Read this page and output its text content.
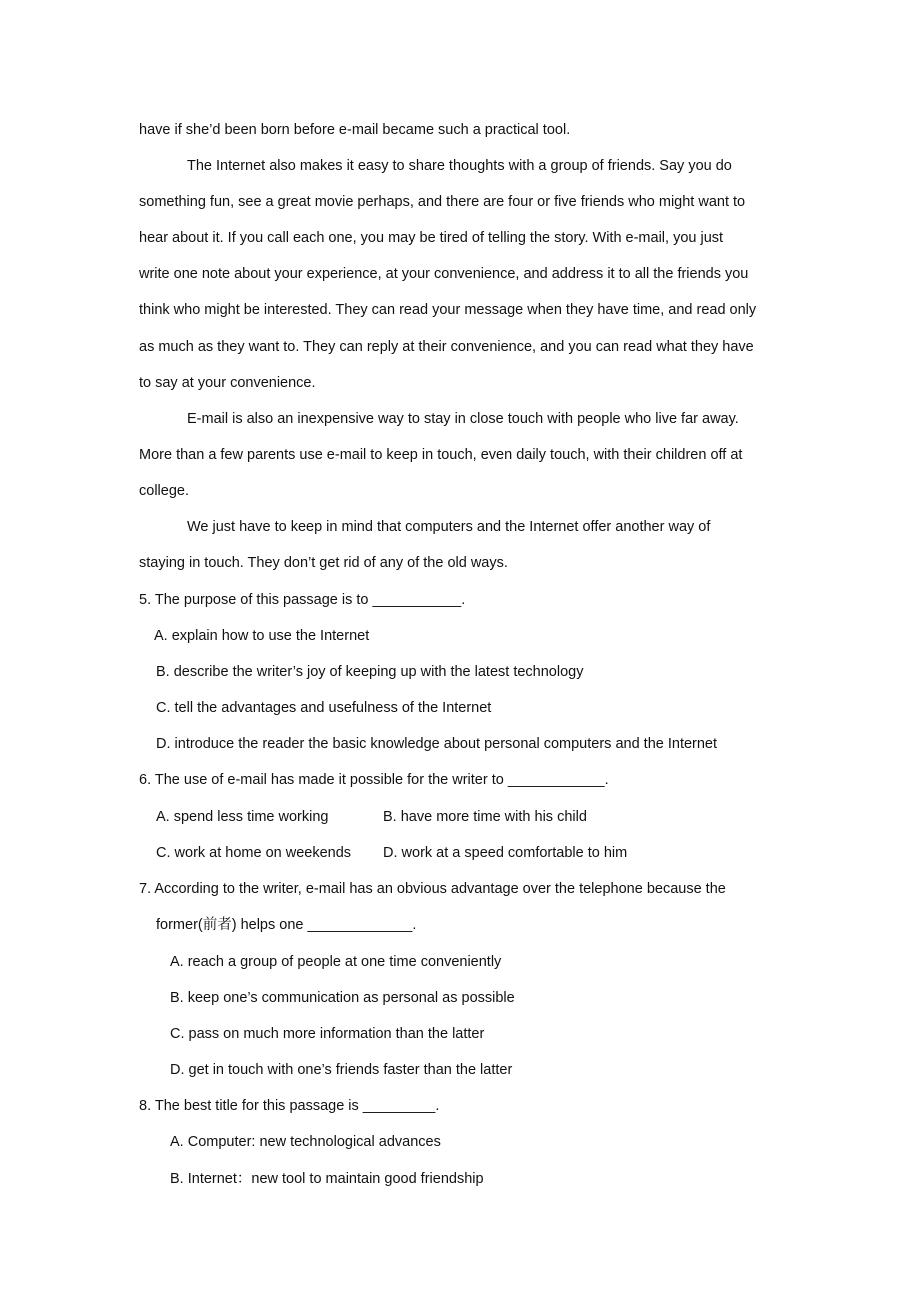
have if she’d been born before e-mail became such a practical tool.
The Internet also makes it easy to share thoughts with a group of friends. Say you do
something fun, see a great movie perhaps, and there are four or five friends who might want to
hear about it. If you call each one, you may be tired of telling the story. With e-mail, you just
write one note about your experience, at your convenience, and address it to all the friends you
think who might be interested. They can read your message when they have time, and read only
as much as they want to. They can reply at their convenience, and you can read what they have
to say at your convenience.
E-mail is also an inexpensive way to stay in close touch with people who live far away.
More than a few parents use e-mail to keep in touch, even daily touch, with their children off at
college.
We just have to keep in mind that computers and the Internet offer another way of
staying in touch. They don’t get rid of any of the old ways.
5. The purpose of this passage is to ___________.
A. explain how to use the Internet
B. describe the writer’s joy of keeping up with the latest technology
C. tell the advantages and usefulness of the Internet
D. introduce the reader the basic knowledge about personal computers and the Internet
6. The use of e-mail has made it possible for the writer to ____________.
A. spend less time working	B. have more time with his child
C. work at home on weekends D. work at a speed comfortable to him
7. According to the writer, e-mail has an obvious advantage over the telephone because the
former(前者) helps one _____________.
A. reach a group of people at one time conveniently
B. keep one’s communication as personal as possible
C. pass on much more information than the latter
D. get in touch with one’s friends faster than the latter
8. The best title for this passage is _________.
A. Computer: new technological advances
B. Internet：new tool to maintain good friendship
